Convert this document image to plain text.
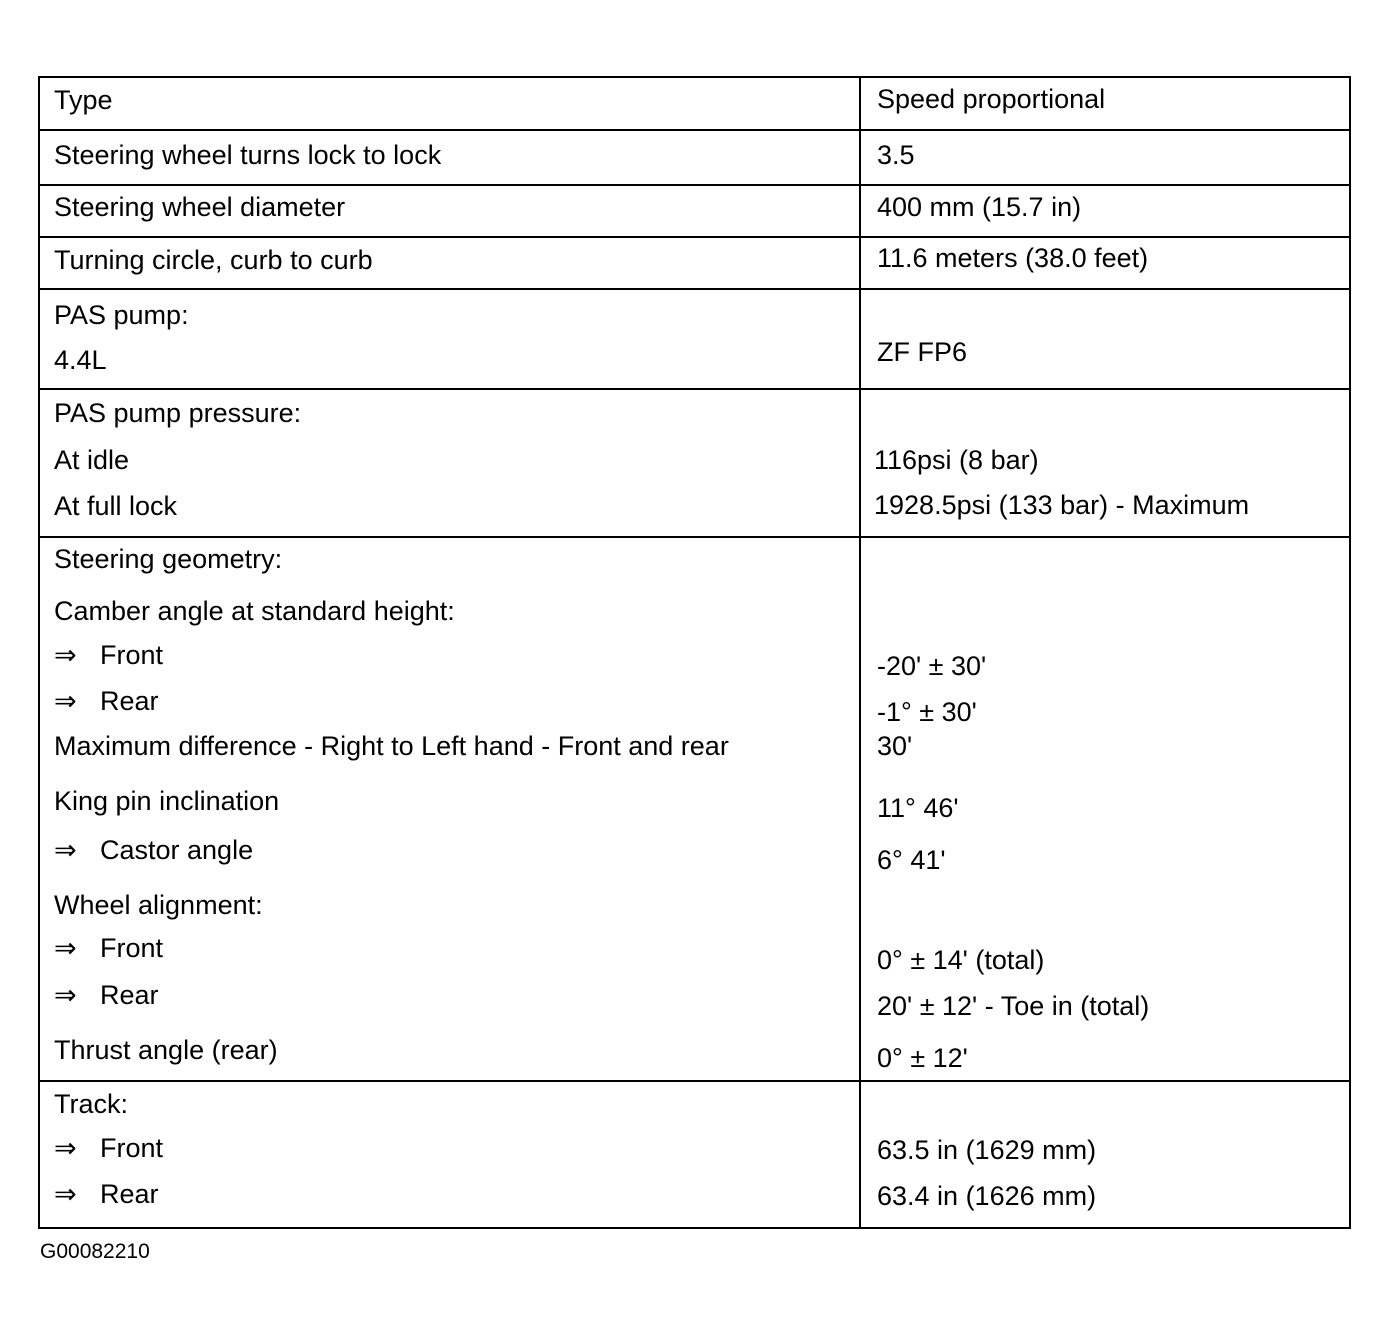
Type	Speed proportional
Steering wheel turns lock to lock	3.5
Steering wheel diameter	400 mm (15.7 in)
Turning circle, curb to curb	11.6 meters (38.0 feet)
PAS pump:
4.4L	ZF FP6
PAS pump pressure:
At idle	116psi (8 bar)
At full lock	1928.5psi (133 bar) - Maximum
Steering geometry:
Camber angle at standard height:
⇒ Front	-20' ± 30'
⇒ Rear	-1° ± 30'
Maximum difference - Right to Left hand - Front and rear	30'
King pin inclination	11° 46'
⇒ Castor angle	6° 41'
Wheel alignment:
⇒ Front	0° ± 14' (total)
⇒ Rear	20' ± 12' - Toe in (total)
Thrust angle (rear)	0° ± 12'
Track:
⇒ Front	63.5 in (1629 mm)
⇒ Rear	63.4 in (1626 mm)
G00082210
